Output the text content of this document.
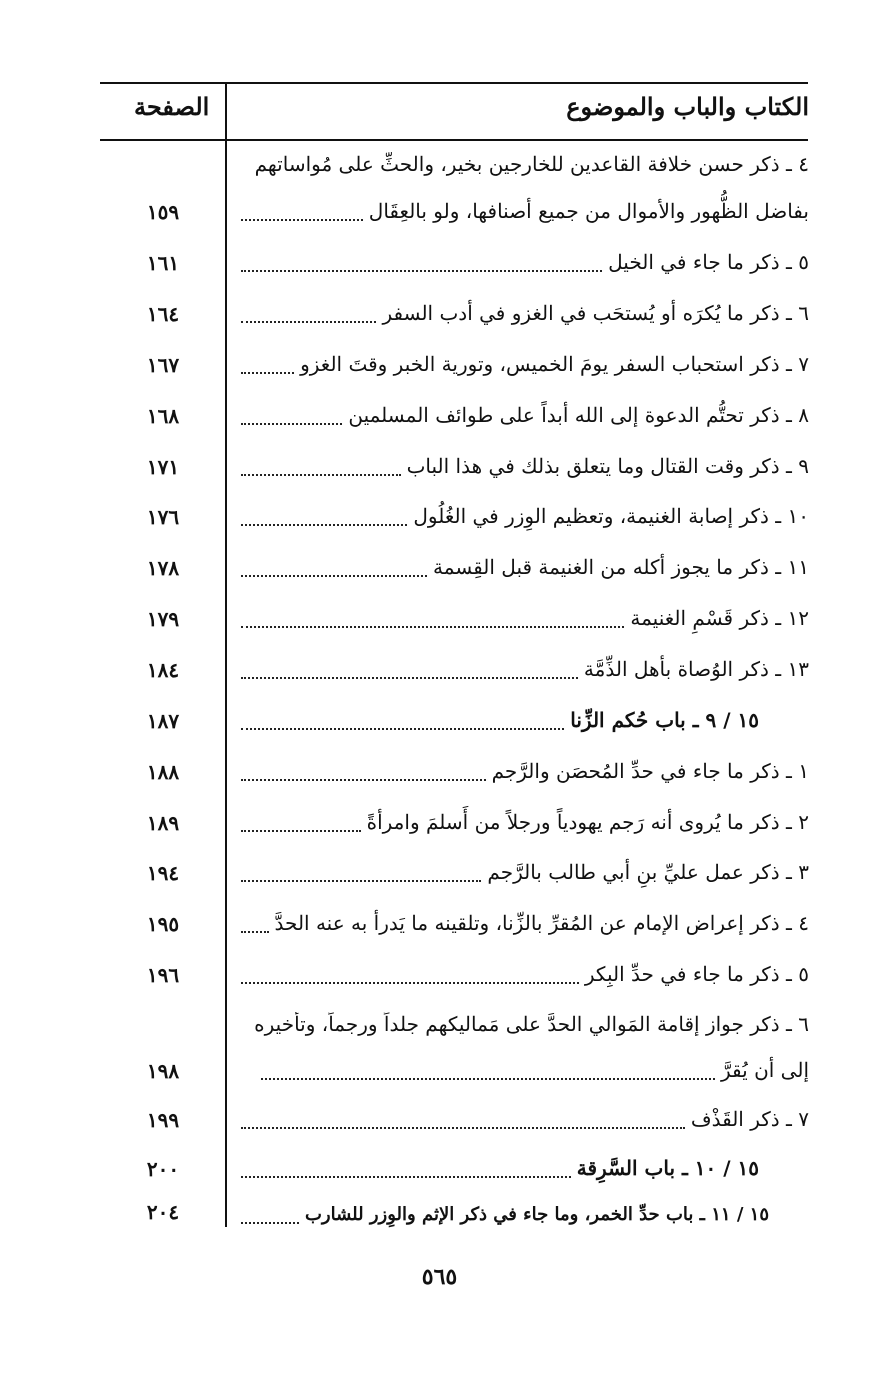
الكتاب والباب والموضوع
الصفحة
٤ ـ ذكر حسن خلافة القاعدين للخارجين بخير، والحثِّ على مُواساتهم
بفاضل الظُّهور والأموال من جميع أصنافها، ولو بالعِقَال
١٥٩
٥ ـ ذكر ما جاء في الخيل
١٦١
٦ ـ ذكر ما يُكرَه أو يُستحَب في الغزو في أدب السفر
١٦٤
٧ ـ ذكر استحباب السفر يومَ الخميس، وتورية الخبر وقتَ الغزو
١٦٧
٨ ـ ذكر تحتُّم الدعوة إلى الله أبداً على طوائف المسلمين
١٦٨
٩ ـ ذكر وقت القتال وما يتعلق بذلك في هذا الباب
١٧١
١٠ ـ ذكر إصابة الغنيمة، وتعظيم الوِزر في الغُلُول
١٧٦
١١ ـ ذكر ما يجوز أكله من الغنيمة قبل القِسمة
١٧٨
١٢ ـ ذكر قَسْمِ الغنيمة
١٧٩
١٣ ـ ذكر الوُصاة بأهل الذِّمَّة
١٨٤
١٥ / ٩ ـ باب حُكم الزِّنا
١٨٧
١ ـ ذكر ما جاء في حدِّ المُحصَن والرَّجم
١٨٨
٢ ـ ذكر ما يُروى أنه رَجم يهودياً ورجلاً من أَسلمَ وامرأةً
١٨٩
٣ ـ ذكر عمل عليِّ بنِ أبي طالب بالرَّجم
١٩٤
٤ ـ ذكر إعراض الإمام عن المُقرِّ بالزِّنا، وتلقينه ما يَدرأ به عنه الحدَّ
١٩٥
٥ ـ ذكر ما جاء في حدِّ البِكر
١٩٦
٦ ـ ذكر جواز إقامة المَوالي الحدَّ على مَماليكهم جلداً ورجماً، وتأخيره
إلى أن يُقرَّ
١٩٨
٧ ـ ذكر القَذْف
١٩٩
١٥ / ١٠ ـ باب السَّرِقة
٢٠٠
١٥ / ١١ ـ باب حدِّ الخمر، وما جاء في ذكر الإثم والوِزر للشارب
٢٠٤
٥٦٥
